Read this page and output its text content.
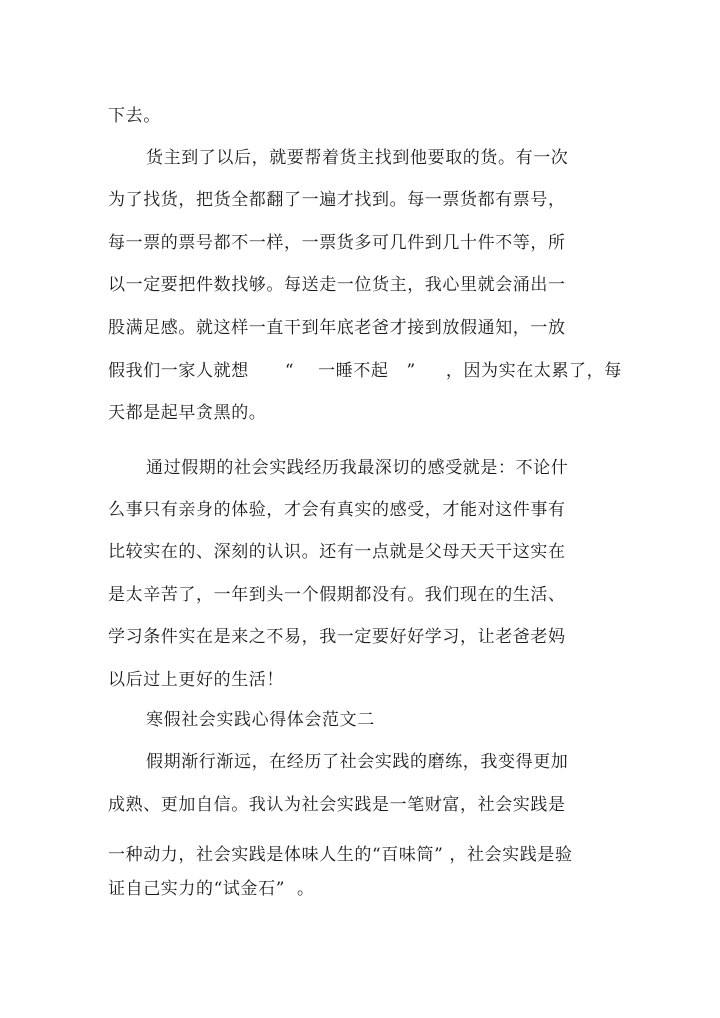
下去。
货主到了以后，就要帮着货主找到他要取的货。有一次
为了找货，把货全都翻了一遍才找到。每一票货都有票号，
每一票的票号都不一样，一票货多可几件到几十件不等，所
以一定要把件数找够。每送走一位货主，我心里就会涌出一
股满足感。就这样一直干到年底老爸才接到放假通知，一放
假我们一家人就想      “    一睡不起   ”     ，因为实在太累了，每
天都是起早贪黑的。
通过假期的社会实践经历我最深切的感受就是：不论什
么事只有亲身的体验，才会有真实的感受，才能对这件事有
比较实在的、深刻的认识。还有一点就是父母天天干这实在
是太辛苦了，一年到头一个假期都没有。我们现在的生活、
学习条件实在是来之不易，我一定要好好学习，让老爸老妈
以后过上更好的生活！
寒假社会实践心得体会范文二
假期渐行渐远，在经历了社会实践的磨练，我变得更加
成熟、更加自信。我认为社会实践是一笔财富，社会实践是
一种动力，社会实践是体味人生的“百味筒” ，社会实践是验
证自己实力的“试金石”  。
